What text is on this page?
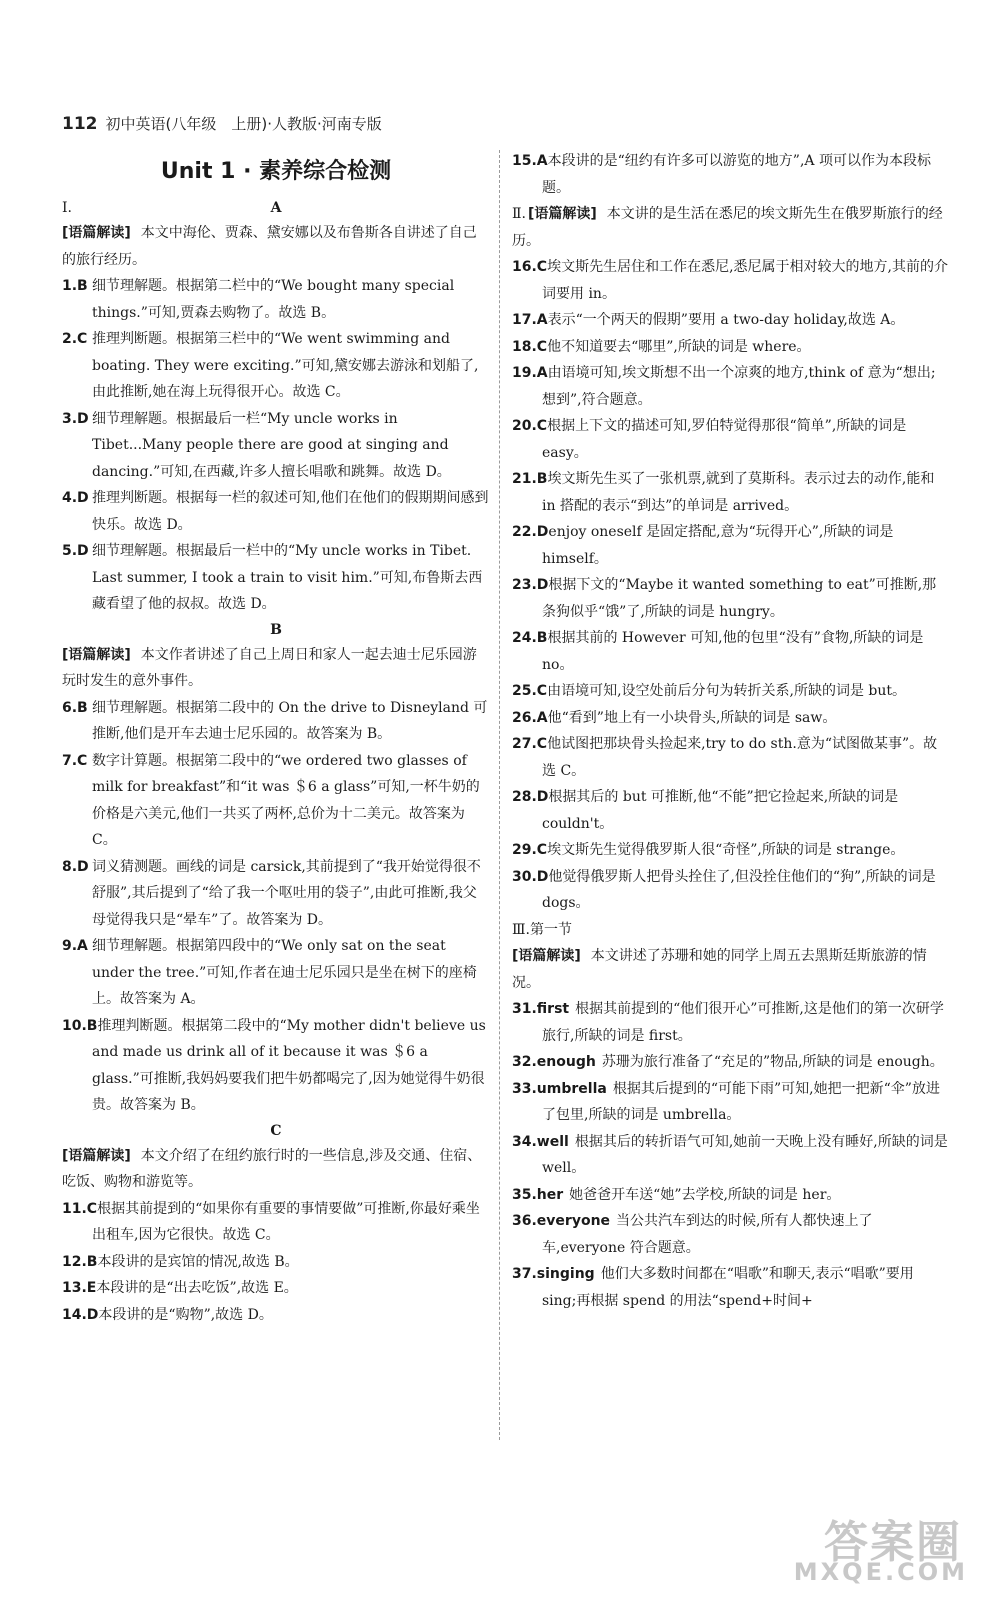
112 初中英语(八年级　上册)·人教版·河南专版
Unit 1 · 素养综合检测
Ⅰ.	A
[语篇解读] 本文中海伦、贾森、黛安娜以及布鲁斯各自讲述了自己的旅行经历。
1.B 细节理解题。根据第二栏中的“We bought many special things.”可知,贾森去购物了。故选 B。
2.C 推理判断题。根据第三栏中的“We went swimming and boating. They were exciting.”可知,黛安娜去游泳和划船了,由此推断,她在海上玩得很开心。故选 C。
3.D 细节理解题。根据最后一栏“My uncle works in Tibet...Many people there are good at singing and dancing.”可知,在西藏,许多人擅长唱歌和跳舞。故选 D。
4.D 推理判断题。根据每一栏的叙述可知,他们在他们的假期期间感到快乐。故选 D。
5.D 细节理解题。根据最后一栏中的“My uncle works in Tibet. Last summer, I took a train to visit him.”可知,布鲁斯去西藏看望了他的叔叔。故选 D。
B
[语篇解读] 本文作者讲述了自己上周日和家人一起去迪士尼乐园游玩时发生的意外事件。
6.B 细节理解题。根据第二段中的 On the drive to Disneyland 可推断,他们是开车去迪士尼乐园的。故答案为 B。
7.C 数字计算题。根据第二段中的“we ordered two glasses of milk for breakfast”和“it was ＄6 a glass”可知,一杯牛奶的价格是六美元,他们一共买了两杯,总价为十二美元。故答案为 C。
8.D 词义猜测题。画线的词是 carsick,其前提到了“我开始觉得很不舒服”,其后提到了“给了我一个呕吐用的袋子”,由此可推断,我父母觉得我只是“晕车”了。故答案为 D。
9.A 细节理解题。根据第四段中的“We only sat on the seat under the tree.”可知,作者在迪士尼乐园只是坐在树下的座椅上。故答案为 A。
10.B推理判断题。根据第二段中的“My mother didn't believe us and made us drink all of it because it was ＄6 a glass.”可推断,我妈妈要我们把牛奶都喝完了,因为她觉得牛奶很贵。故答案为 B。
C
[语篇解读] 本文介绍了在纽约旅行时的一些信息,涉及交通、住宿、吃饭、购物和游览等。
11.C根据其前提到的“如果你有重要的事情要做”可推断,你最好乘坐出租车,因为它很快。故选 C。
12.B本段讲的是宾馆的情况,故选 B。
13.E本段讲的是“出去吃饭”,故选 E。
14.D本段讲的是“购物”,故选 D。
15.A本段讲的是“纽约有许多可以游览的地方”,A 项可以作为本段标题。
Ⅱ. [语篇解读] 本文讲的是生活在悉尼的埃文斯先生在俄罗斯旅行的经历。
16.C埃文斯先生居住和工作在悉尼,悉尼属于相对较大的地方,其前的介词要用 in。
17.A表示“一个两天的假期”要用 a two-day holiday,故选 A。
18.C他不知道要去“哪里”,所缺的词是 where。
19.A由语境可知,埃文斯想不出一个凉爽的地方,think of 意为“想出;想到”,符合题意。
20.C根据上下文的描述可知,罗伯特觉得那很“简单”,所缺的词是 easy。
21.B埃文斯先生买了一张机票,就到了莫斯科。表示过去的动作,能和 in 搭配的表示“到达”的单词是 arrived。
22.Denjoy oneself 是固定搭配,意为“玩得开心”,所缺的词是 himself。
23.D根据下文的“Maybe it wanted something to eat”可推断,那条狗似乎“饿”了,所缺的词是 hungry。
24.B根据其前的 However 可知,他的包里“没有”食物,所缺的词是 no。
25.C由语境可知,设空处前后分句为转折关系,所缺的词是 but。
26.A他“看到”地上有一小块骨头,所缺的词是 saw。
27.C他试图把那块骨头捡起来,try to do sth.意为“试图做某事”。故选 C。
28.D根据其后的 but 可推断,他“不能”把它捡起来,所缺的词是 couldn't。
29.C埃文斯先生觉得俄罗斯人很“奇怪”,所缺的词是 strange。
30.D他觉得俄罗斯人把骨头拴住了,但没拴住他们的“狗”,所缺的词是 dogs。
Ⅲ.第一节
[语篇解读] 本文讲述了苏珊和她的同学上周五去黑斯廷斯旅游的情况。
31.first 根据其前提到的“他们很开心”可推断,这是他们的第一次研学旅行,所缺的词是 first。
32.enough 苏珊为旅行准备了“充足的”物品,所缺的词是 enough。
33.umbrella 根据其后提到的“可能下雨”可知,她把一把新“伞”放进了包里,所缺的词是 umbrella。
34.well 根据其后的转折语气可知,她前一天晚上没有睡好,所缺的词是 well。
35.her 她爸爸开车送“她”去学校,所缺的词是 her。
36.everyone 当公共汽车到达的时候,所有人都快速上了车,everyone 符合题意。
37.singing 他们大多数时间都在“唱歌”和聊天,表示“唱歌”要用 sing;再根据 spend 的用法“spend+时间+
答案圈
MXQE.COM
